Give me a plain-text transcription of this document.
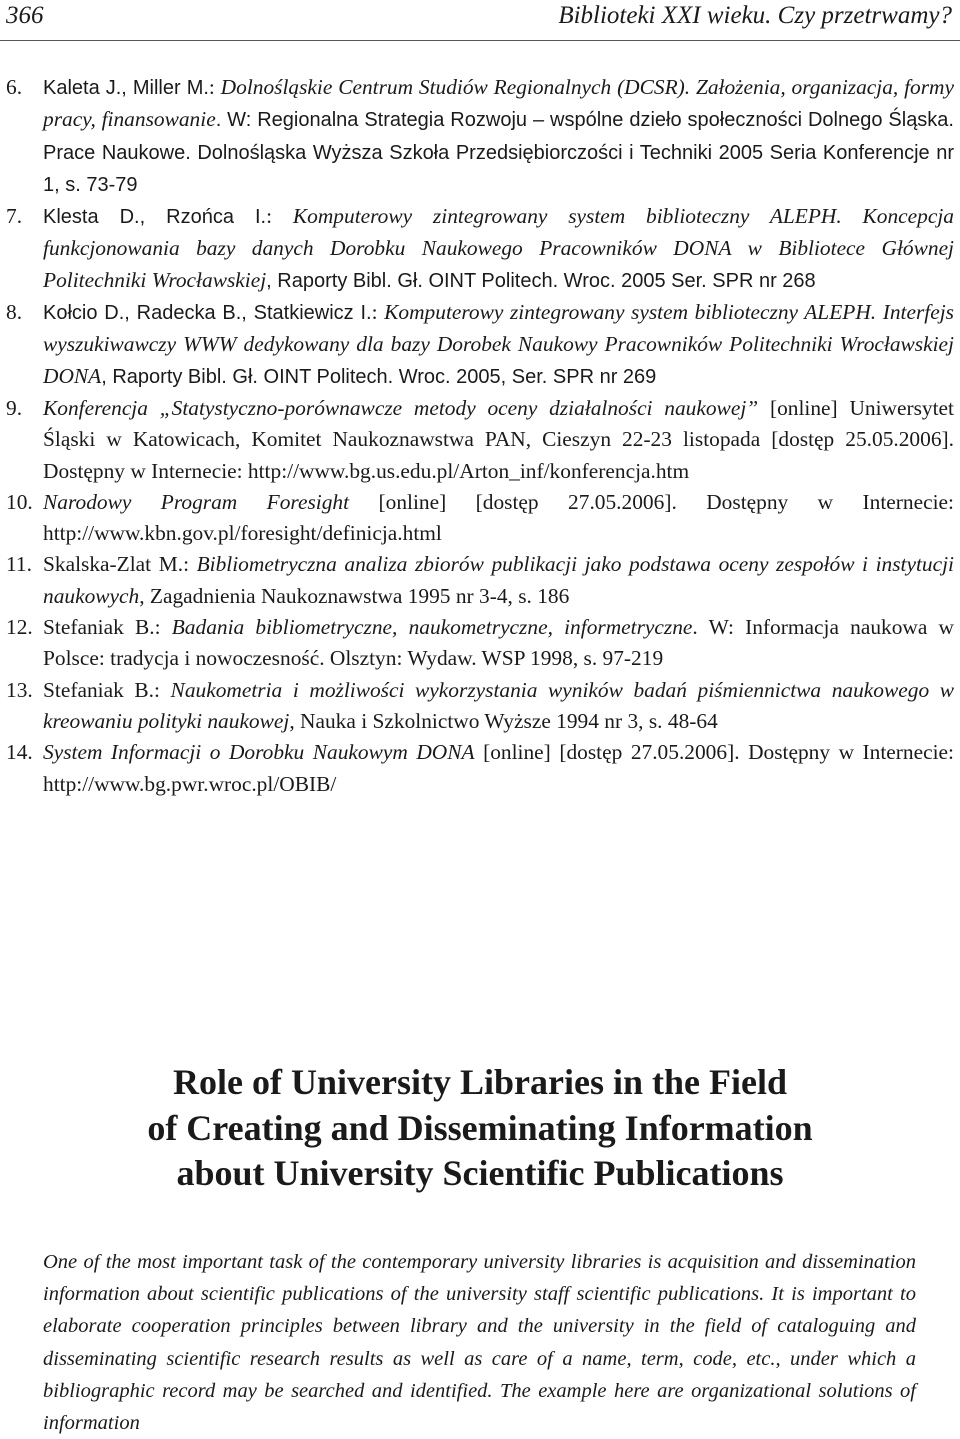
366	Biblioteki XXI wieku. Czy przetrwamy?

6. Kaleta J., Miller M.: Dolnośląskie Centrum Studiów Regionalnych (DCSR). Założenia, organizacja, formy pracy, finansowanie. W: Regionalna Strategia Rozwoju – wspólne dzieło społeczności Dolnego Śląska. Prace Naukowe. Dolnośląska Wyższa Szkoła Przedsiębiorczości i Techniki 2005 Seria Konferencje nr 1, s. 73-79

7. Klesta D., Rzońca I.: Komputerowy zintegrowany system biblioteczny ALEPH. Koncepcja funkcjonowania bazy danych Dorobku Naukowego Pracowników DONA w Bibliotece Głównej Politechniki Wrocławskiej, Raporty Bibl. Gł. OINT Politech. Wroc. 2005 Ser. SPR nr 268

8. Kołcio D., Radecka B., Statkiewicz I.: Komputerowy zintegrowany system biblioteczny ALEPH. Interfejs wyszukiwawczy WWW dedykowany dla bazy Dorobek Naukowy Pracowników Politechniki Wrocławskiej DONA, Raporty Bibl. Gł. OINT Politech. Wroc. 2005, Ser. SPR nr 269

9. Konferencja „Statystyczno-porównawcze metody oceny działalności naukowej” [online] Uniwersytet Śląski w Katowicach, Komitet Naukoznawstwa PAN, Cieszyn 22-23 listopada [dostęp 25.05.2006]. Dostępny w Internecie: http://www.bg.us.edu.pl/Arton_inf/konferencja.htm

10. Narodowy Program Foresight [online] [dostęp 27.05.2006]. Dostępny w Internecie: http://www.kbn.gov.pl/foresight/definicja.html

11. Skalska-Zlat M.: Bibliometryczna analiza zbiorów publikacji jako podstawa oceny zespołów i instytucji naukowych, Zagadnienia Naukoznawstwa 1995 nr 3-4, s. 186

12. Stefaniak B.: Badania bibliometryczne, naukometryczne, informetryczne. W: Informacja naukowa w Polsce: tradycja i nowoczesność. Olsztyn: Wydaw. WSP 1998, s. 97-219

13. Stefaniak B.: Naukometria i możliwości wykorzystania wyników badań piśmiennictwa naukowego w kreowaniu polityki naukowej, Nauka i Szkolnictwo Wyższe 1994 nr 3, s. 48-64

14. System Informacji o Dorobku Naukowym DONA [online] [dostęp 27.05.2006]. Dostępny w Internecie: http://www.bg.pwr.wroc.pl/OBIB/

Role of University Libraries in the Field
of Creating and Disseminating Information
about University Scientific Publications

One of the most important task of the contemporary university libraries is acquisition and dissemination information about scientific publications of the university staff scientific publications. It is important to elaborate cooperation principles between library and the university in the field of cataloguing and disseminating scientific research results as well as care of a name, term, code, etc., under which a bibliographic record may be searched and identified. The example here are organizational solutions of information
